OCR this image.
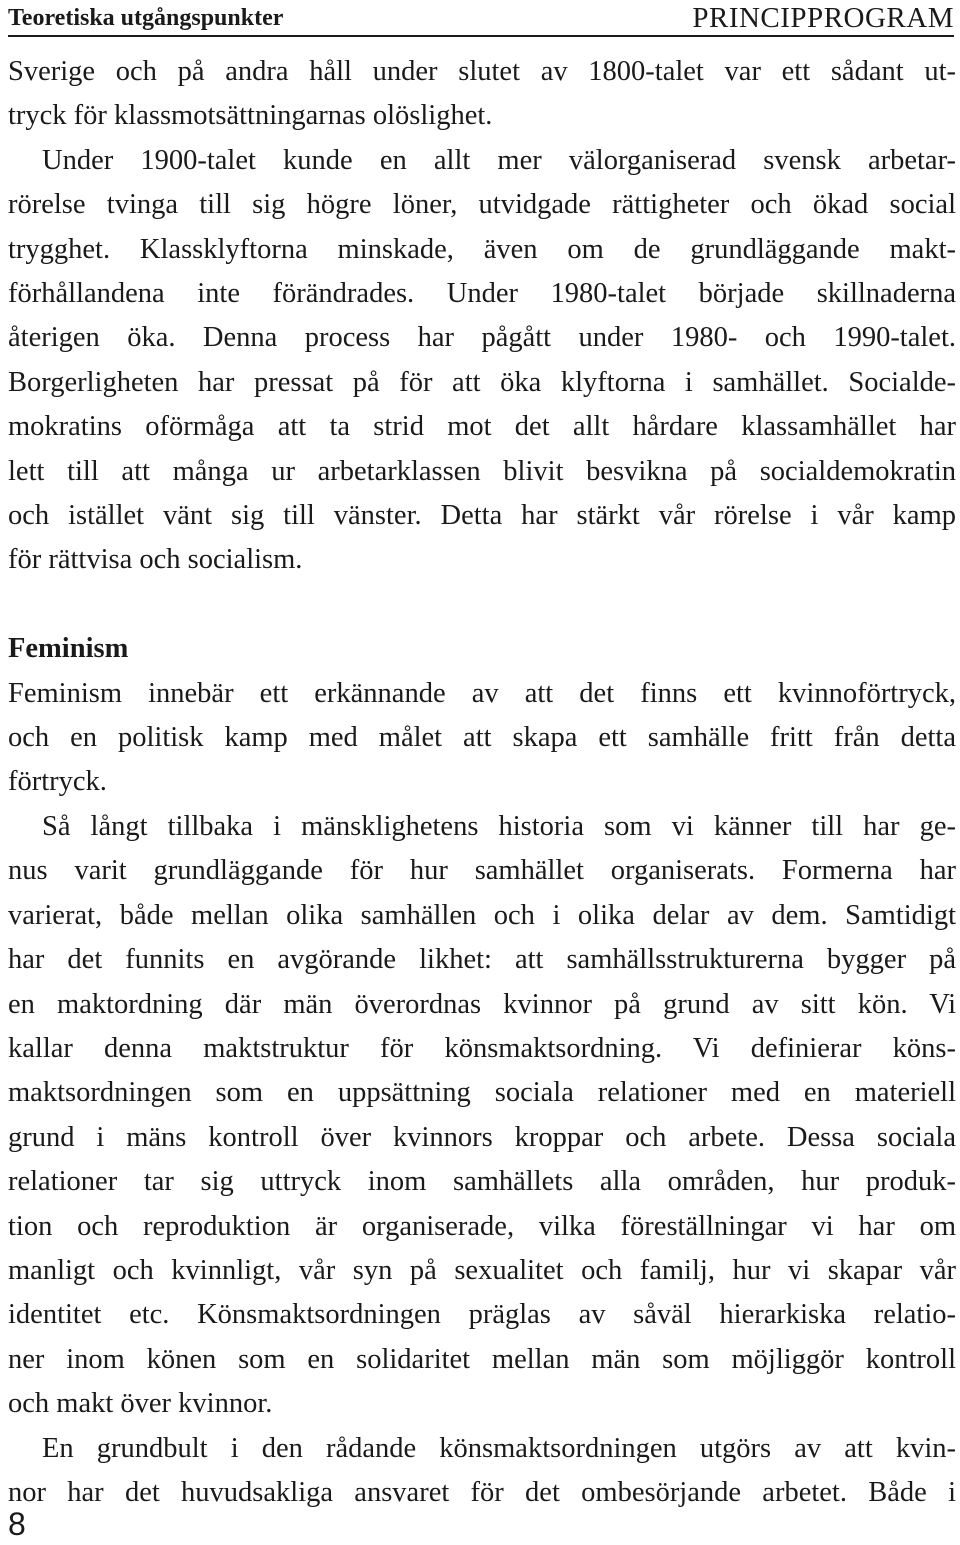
Teoretiska utgångspunkter	PRINCIPPROGRAM

Sverige och på andra håll under slutet av 1800-talet var ett sådant ut-

tryck för klassmotsättningarnas olöslighet.

Under 1900-talet kunde en allt mer välorganiserad svensk arbetar-

rörelse tvinga till sig högre löner, utvidgade rättigheter och ökad social

trygghet. Klassklyftorna minskade, även om de grundläggande makt-

förhållandena inte förändrades. Under 1980-talet började skillnaderna

återigen öka. Denna process har pågått under 1980- och 1990-talet.

Borgerligheten har pressat på för att öka klyftorna i samhället. Socialde-

mokratins oförmåga att ta strid mot det allt hårdare klassamhället har

lett till att många ur arbetarklassen blivit besvikna på socialdemokratin

och istället vänt sig till vänster. Detta har stärkt vår rörelse i vår kamp

för rättvisa och socialism.

Feminism

Feminism innebär ett erkännande av att det finns ett kvinnoförtryck,

och en politisk kamp med målet att skapa ett samhälle fritt från detta

förtryck.

Så långt tillbaka i mänsklighetens historia som vi känner till har ge-

nus varit grundläggande för hur samhället organiserats. Formerna har

varierat, både mellan olika samhällen och i olika delar av dem. Samtidigt

har det funnits en avgörande likhet: att samhällsstrukturerna bygger på

en maktordning där män överordnas kvinnor på grund av sitt kön. Vi

kallar denna maktstruktur för könsmaktsordning. Vi definierar köns-

maktsordningen som en uppsättning sociala relationer med en materiell

grund i mäns kontroll över kvinnors kroppar och arbete. Dessa sociala

relationer tar sig uttryck inom samhällets alla områden, hur produk-

tion och reproduktion är organiserade, vilka föreställningar vi har om

manligt och kvinnligt, vår syn på sexualitet och familj, hur vi skapar vår

identitet etc. Könsmaktsordningen präglas av såväl hierarkiska relatio-

ner inom könen som en solidaritet mellan män som möjliggör kontroll

och makt över kvinnor.

En grundbult i den rådande könsmaktsordningen utgörs av att kvin-

nor har det huvudsakliga ansvaret för det ombesörjande arbetet. Både i

8
